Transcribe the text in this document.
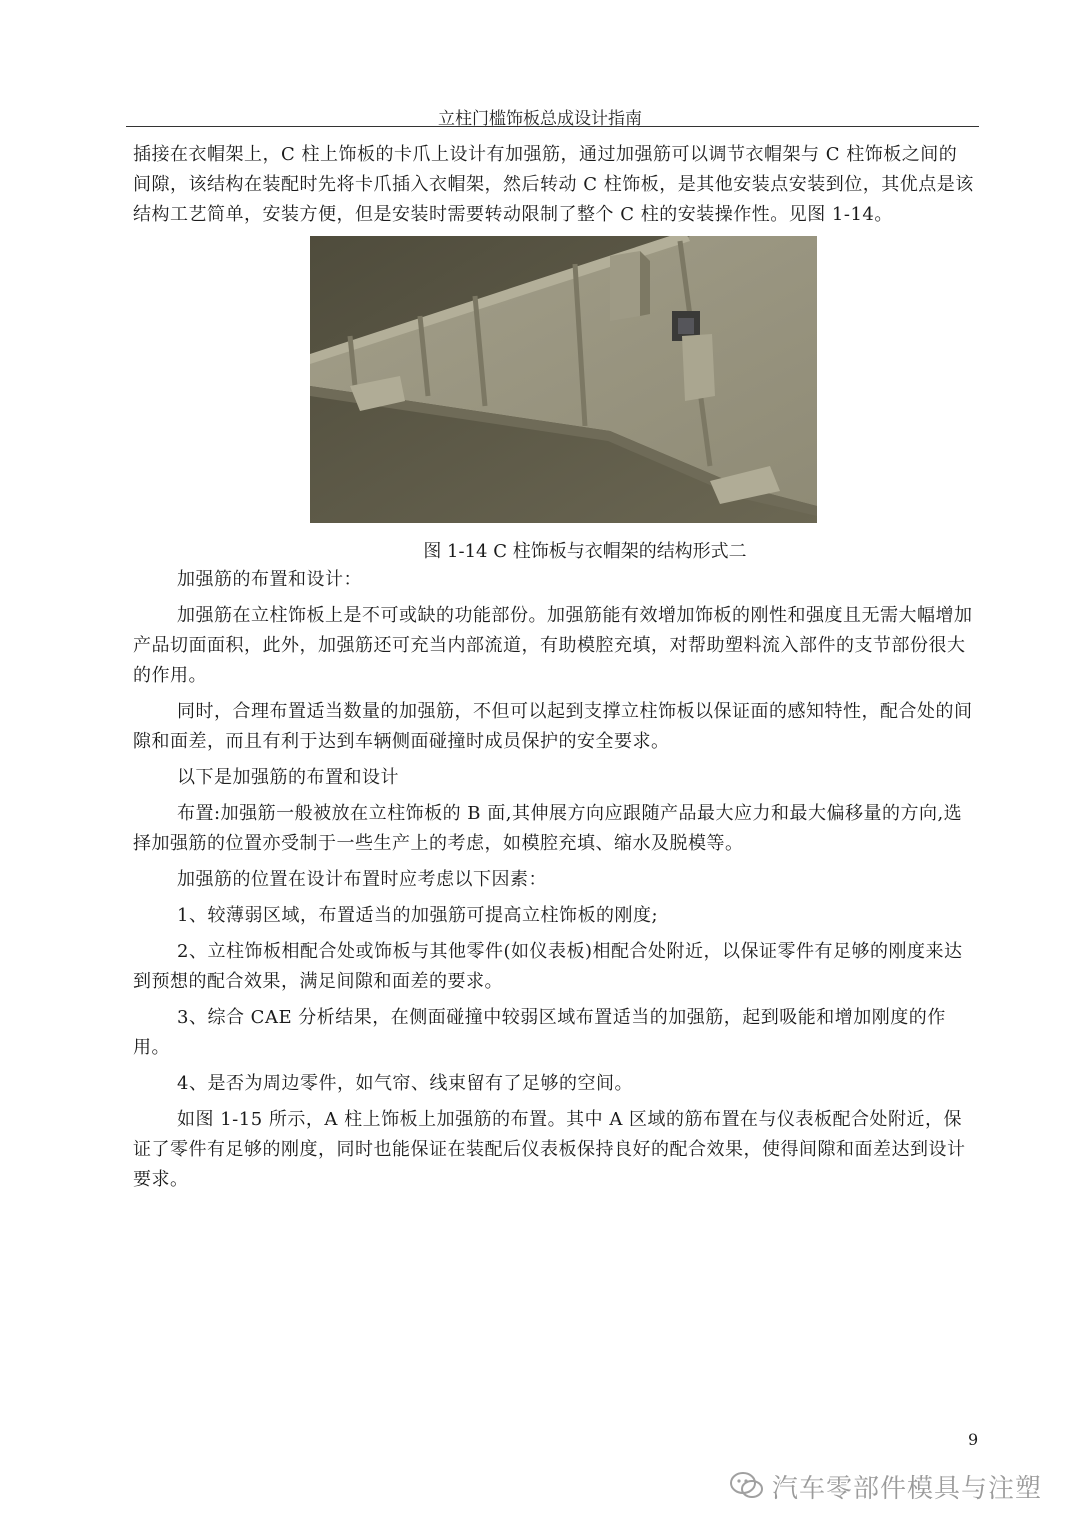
立柱门槛饰板总成设计指南

插接在衣帽架上，C 柱上饰板的卡爪上设计有加强筋，通过加强筋可以调节衣帽架与 C 柱饰板之间的间隙，该结构在装配时先将卡爪插入衣帽架，然后转动 C 柱饰板，是其他安装点安装到位，其优点是该结构工艺简单，安装方便，但是安装时需要转动限制了整个 C 柱的安装操作性。见图 1-14。

图 1-14 C 柱饰板与衣帽架的结构形式二

加强筋的布置和设计：

加强筋在立柱饰板上是不可或缺的功能部份。加强筋能有效增加饰板的刚性和强度且无需大幅增加产品切面面积，此外，加强筋还可充当内部流道，有助模腔充填，对帮助塑料流入部件的支节部份很大的作用。

同时，合理布置适当数量的加强筋，不但可以起到支撑立柱饰板以保证面的感知特性，配合处的间隙和面差，而且有利于达到车辆侧面碰撞时成员保护的安全要求。

以下是加强筋的布置和设计

布置:加强筋一般被放在立柱饰板的 B 面,其伸展方向应跟随产品最大应力和最大偏移量的方向,选择加强筋的位置亦受制于一些生产上的考虑，如模腔充填、缩水及脱模等。

加强筋的位置在设计布置时应考虑以下因素：

1、较薄弱区域，布置适当的加强筋可提高立柱饰板的刚度;

2、立柱饰板相配合处或饰板与其他零件(如仪表板)相配合处附近，以保证零件有足够的刚度来达到预想的配合效果，满足间隙和面差的要求。

3、综合 CAE 分析结果，在侧面碰撞中较弱区域布置适当的加强筋，起到吸能和增加刚度的作用。

4、是否为周边零件，如气帘、线束留有了足够的空间。

如图 1-15 所示，A 柱上饰板上加强筋的布置。其中 A 区域的筋布置在与仪表板配合处附近，保证了零件有足够的刚度，同时也能保证在装配后仪表板保持良好的配合效果，使得间隙和面差达到设计要求。

9
汽车零部件模具与注塑
